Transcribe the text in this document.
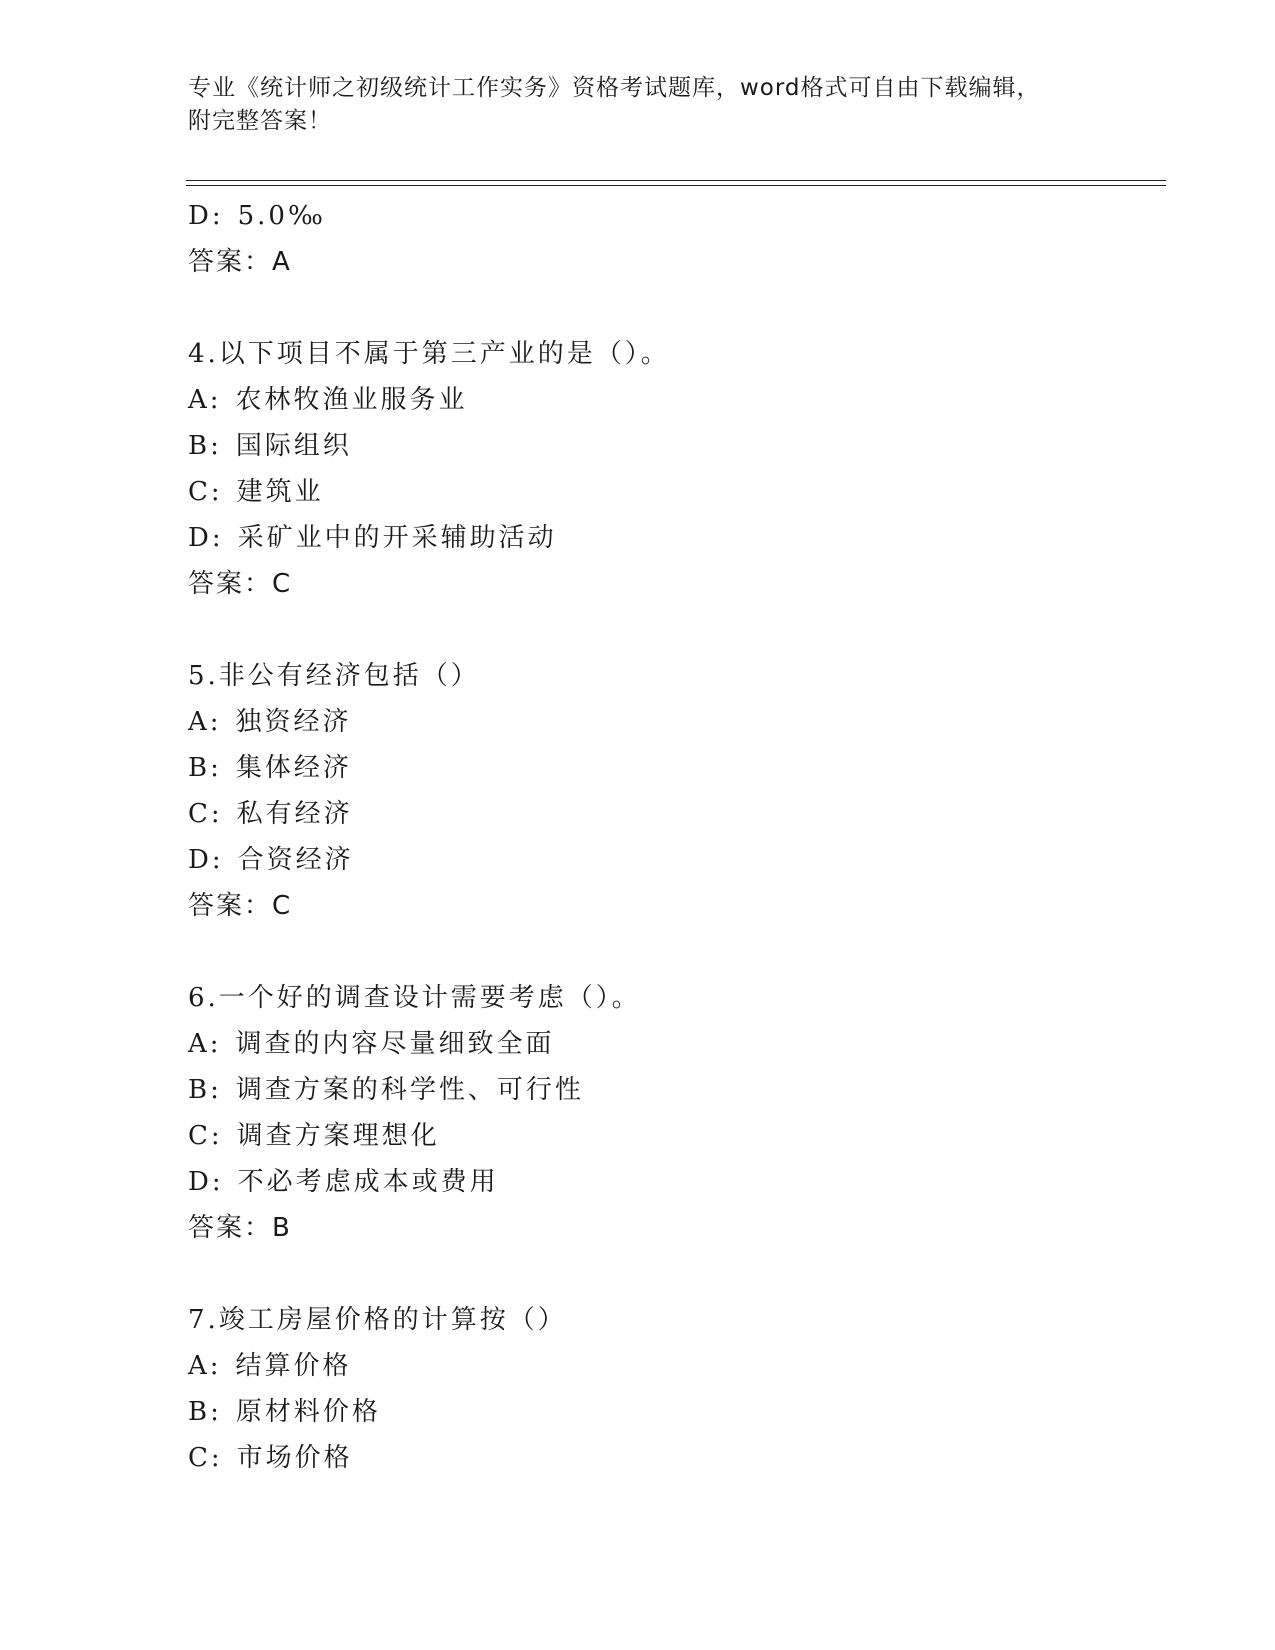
专业《统计师之初级统计工作实务》资格考试题库，word格式可自由下载编辑，
附完整答案！
D: 5.0‰
答案：A
4.以下项目不属于第三产业的是（）。
A: 农林牧渔业服务业
B: 国际组织
C: 建筑业
D: 采矿业中的开采辅助活动
答案：C
5.非公有经济包括（）
A: 独资经济
B: 集体经济
C: 私有经济
D: 合资经济
答案：C
6.一个好的调查设计需要考虑（）。
A: 调查的内容尽量细致全面
B: 调查方案的科学性、可行性
C: 调查方案理想化
D: 不必考虑成本或费用
答案：B
7.竣工房屋价格的计算按（）
A: 结算价格
B: 原材料价格
C: 市场价格
